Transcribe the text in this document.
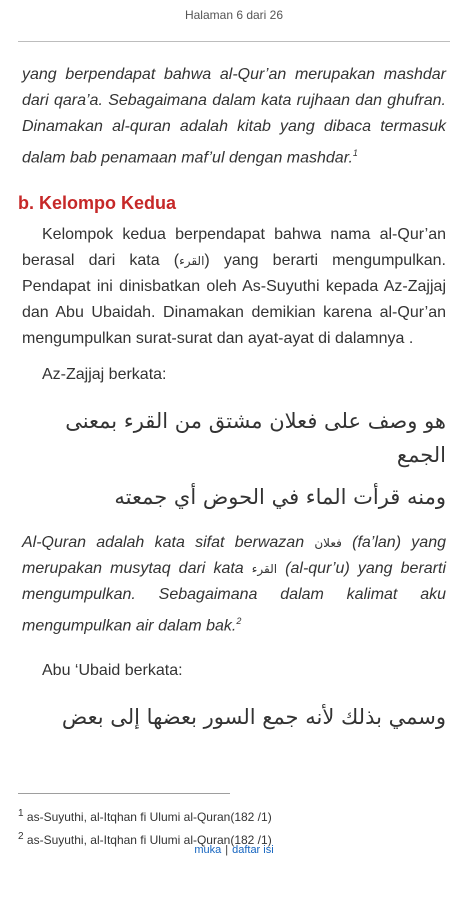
Halaman 6 dari 26

yang berpendapat bahwa al-Qur’an merupakan mashdar dari qara’a. Sebagaimana dalam kata rujhaan dan ghufran. Dinamakan al-quran adalah kitab yang dibaca termasuk dalam bab penamaan maf’ul dengan mashdar.$^1$

b. Kelompo Kedua

Kelompok kedua berpendapat bahwa nama al-Qur’an berasal dari kata (القرء) yang berarti mengumpulkan. Pendapat ini dinisbatkan oleh As-Suyuthi kepada Az-Zajjaj dan Abu Ubaidah. Dinamakan demikian karena al-Qur’an mengumpulkan surat-surat dan ayat-ayat di dalamnya .

Az-Zajjaj berkata:

هو وصف على فعلان مشتق من القرء بمعنى الجمع

ومنه قرأت الماء في الحوض أي جمعته

Al-Quran adalah kata sifat berwazan فعلان (fa’lan) yang merupakan musytaq dari kata القرء (al-qur’u) yang berarti mengumpulkan. Sebagaimana dalam kalimat aku mengumpulkan air dalam bak.$^2$

Abu ‘Ubaid berkata:

وسمي بذلك لأنه جمع السور بعضها إلى بعض

$^1$ as-Suyuthi, al-Itqhan fi Ulumi al-Quran(182 /1)
$^2$ as-Suyuthi, al-Itqhan fi Ulumi al-Quran(182 /1)
muka | daftar isi
